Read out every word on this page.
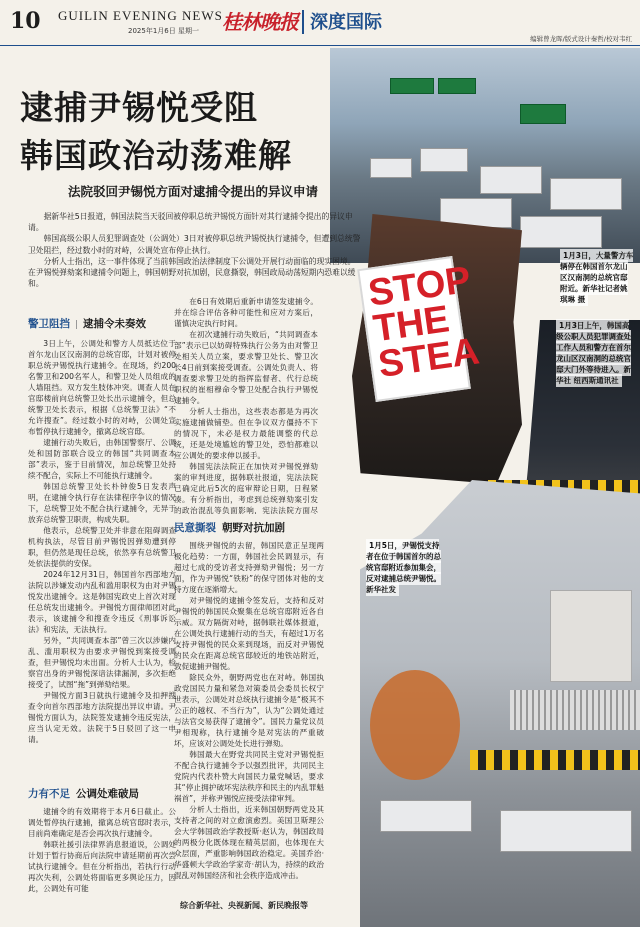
10 GUILIN EVENING NEWS
2025年1月6日 星期一 桂林晚报 深度国际
编辑曾龙晖/版式设计秦哲/校对韦红
STOP THE STEA
逮捕尹锡悦受阻
韩国政治动荡难解
法院驳回尹锡悦方面对逮捕令提出的异议申请

据新华社5日报道，韩国法院当天驳回被停职总统尹锡悦方面针对其行逮捕令提出的异议申请。

韩国高级公职人员犯罪调查处（公调处）3日对被停职总统尹锡悦执行逮捕令，但遭到总统警卫处阻拦，经过数小时的对峙，公调处宣布停止执行。

分析人士指出，这一事件体现了当前韩国政治法律制度下公调处开展行动面临的现实困境。在尹锡悦弹劾案和逮捕令问题上，韩国朝野对抗加剧，民意撕裂，韩国政局动荡短期内恐难以缓和。

警卫阻挡 逮捕令未奏效

3日上午，公调处和警方人员抵达位于首尔龙山区汉南洞的总统官邸，计划对被停职总统尹锡悦执行逮捕令。在现场，约200名警卫和200名军人，和警卫处人员组成的人墙阻挡。双方发生肢体冲突。调查人员在官邸楼前向总统警卫处长出示逮捕令，但总统警卫处长表示，根据《总统警卫法》“不允许搜查”。经过数小时的对峙，公调处宣布暂停执行逮捕令，撤离总统官邸。

逮捕行动失败后，由韩国警察厅、公调处和国防部联合设立的韩国“共同调查本部”表示，鉴于目前情况，加总统警卫处持续不配合，实际上不可能执行逮捕令。

韩国总统警卫处长朴钟俊5日发表声明，在逮捕令执行存在法律程序争议的情况下，总统警卫处不配合执行逮捕令，无异于放弃总统警卫职责，构成失职。

他表示，总统警卫处并非意在阻碍调查机构执法，尽管目前尹锡悦因弹劾遭到停职，但仍然是现任总统，依然享有总统警卫处依法提供的安保。

2024年12月31日，韩国首尔西部地方法院以涉嫌发动内乱和滥用职权为由对尹锡悦发出逮捕令。这是韩国宪政史上首次对现任总统发出逮捕令。尹锡悦方面律师团对此表示，该逮捕令和搜查令违反《刑事诉讼法》和宪法，无法执行。

另外，“共同调查本部”曾三次以涉嫌内乱、滥用职权为由要求尹锡悦到案接受调查，但尹锡悦均未出面。分析人士认为，检察官出身的尹锡悦深谙法律漏洞，多次拒绝接受了，试图“拖”到弹劾结果。

尹锡悦方面3日就执行逮捕令及扣押搜查令向首尔西部地方法院提出异议申请。尹锡悦方面认为，法院签发逮捕令违反宪法，应当认定无效。法院于5日驳回了这一申请。

力有不足 公调处难破局

逮捕令的有效期将于本月6日截止。公调处暂停执行逮捕，撤离总统官邸时表示，目前尚难确定是否会再次执行逮捕令。

韩联社援引法律界消息报道说，公调处计划于暂行协商后向法院申请延期前再次尝试执行逮捕令。但在分析指出，若执行行动再次失利，公调处将面临更多舆论压力，因此，公调处有可能

在6日有效期后重新申请签发逮捕令。并在综合评估各种可能性和应对方案后，谨慎决定执行时间。

在初次逮捕行动失败后，“共同调查本部”表示已以妨碍特殊执行公务为由对警卫处相关人员立案，要求警卫处长、警卫次长4日前到案接受调查。公调处负责人、将调查要求警卫处的指挥监督者、代行总统职权的崔相穆命令警卫处配合执行尹锡悦逮捕令。

分析人士指出，这些表态都是为再次实施逮捕做铺垫。但在争议双方僵持不下的情况下，未必是权力最能调整的代总统，还是处境尴尬的警卫处，恐怕都难以应公调处的要求伸以援手。

韩国宪法法院正在加快对尹锡悦弹劾案的审判进度，据韩联社报道，宪法法院已确定此后5次的庭审辩论日期，日程紧凑。有分析指出，考虑到总统弹劾案引发的政治混乱等负面影响，宪法法院方面尽

民意撕裂 朝野对抗加剧

围绕尹锡悦的去留，韩国民意正呈现两极化趋势：一方面，韩国社会民调显示，有超过七成的受访者支持弹劾尹锡悦；另一方面，作为尹锡悦“铁粉”的保守团体对他的支持方度在逐渐增大。

对尹锡悦的逮捕令签发后，支持和反对尹锡悦的韩国民众聚集在总统官邸附近各自示威。双方隔街对峙，据韩联社媒体报道，在公调处执行逮捕行动的当天，有超过1万名支持尹锡悦的民众来到现场，而反对尹锡悦的民众在距离总统官邸较近的地铁站附近，敦促逮捕尹锡悦。

除民众外，朝野两党也在对峙。韩国执政党国民力量和紧急对策委员会委员长权宁世表示，公调处对总统执行逮捕令是“极其不公正的越权、不当行为”，认为“公调处通过与法官交易获得了逮捕令”。国民力量党议员尹相现称，执行逮捕令是对宪法的严重破坏，应该对公调处处长进行弹劾。

韩国最大在野党共同民主党对尹锡悦拒不配合执行逮捕令予以强烈批评，共同民主党院内代表朴赞大向国民力量党喊话，要求其“停止拥护破坏宪法秩序和民主的内乱罪魁祸首”，并称尹锡悦应接受法律审判。

分析人士指出，近来韩国朝野两党及其支持者之间的对立愈演愈烈。美国卫斯理公会大学韩国政治学教授斯·赵认为，韩国政局的两极分化既体现在精英层面，也体现在大众层面，严重影响韩国政治稳定。美国乔治·华盛顿大学政治学家奇·胡认为，持续的政治混乱对韩国经济和社会秩序造成冲击。

1月3日，大量警方车辆停在韩国首尔龙山区汉南洞的总统官邸附近。新华社记者姚琪琳 摄
1月3日上午，韩国高级公职人员犯罪调查处工作人员和警方在首尔龙山区汉南洞的总统官邸大门外等待进入。新华社 纽西斯通讯社
1月5日，尹锡悦支持者在位于韩国首尔的总统官邸附近参加集会，反对逮捕总统尹锡悦。新华社发
综合新华社、央视新闻、新民晚报等
